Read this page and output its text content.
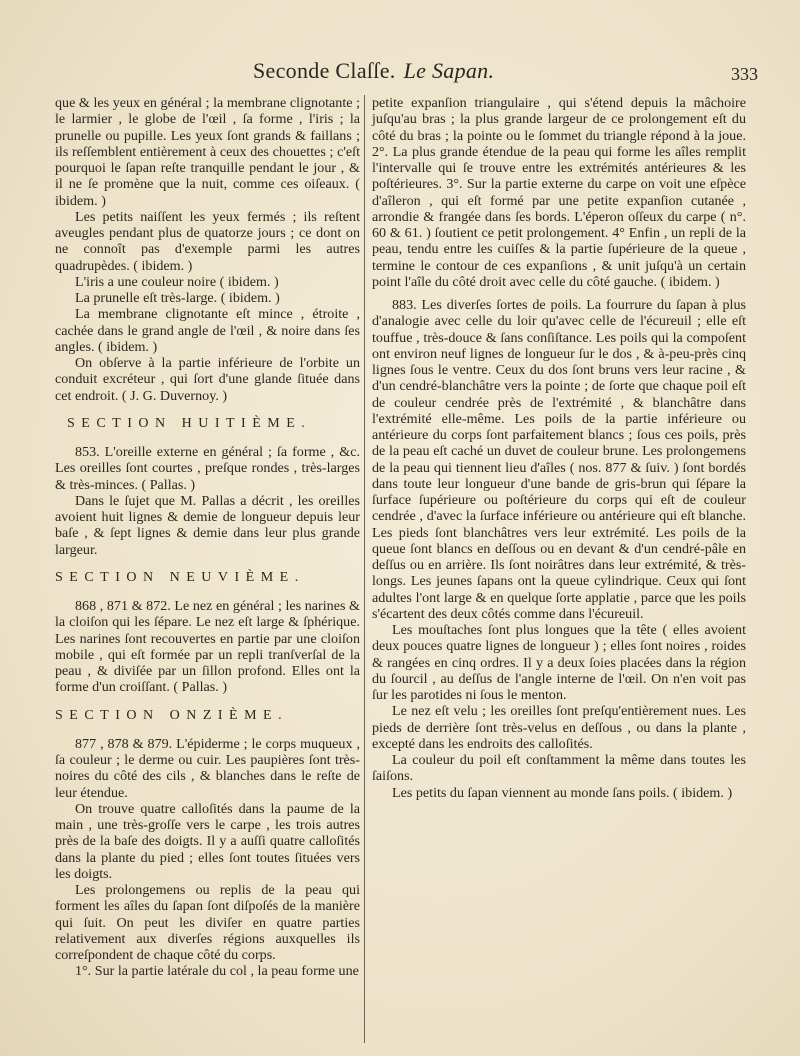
Seconde Claſſe. Le Sapan.	333

que & les yeux en général ; la membrane clignotante ; le larmier , le globe de l'œil , ſa forme , l'iris ; la prunelle ou pupille. Les yeux ſont grands & faillans ; ils reſſemblent entièrement à ceux des chouettes ; c'eſt pourquoi le ſapan reſte tranquille pendant le jour , & il ne ſe promène que la nuit, comme ces oiſeaux. ( ibidem. )

Les petits naiſſent les yeux fermés ; ils reſtent aveugles pendant plus de quatorze jours ; ce dont on ne connoît pas d'exemple parmi les autres quadrupèdes. ( ibidem. )

L'iris a une couleur noire ( ibidem. )

La prunelle eſt très-large. ( ibidem. )

La membrane clignotante eſt mince , étroite , cachée dans le grand angle de l'œil , & noire dans ſes angles. ( ibidem. )

On obſerve à la partie inférieure de l'orbite un conduit excréteur , qui ſort d'une glande ſituée dans cet endroit. ( J. G. Duvernoy. )

SECTION HUITIÈME.

853. L'oreille externe en général ; ſa forme , &c. Les oreilles ſont courtes , preſque rondes , très-larges & très-minces. ( Pallas. )

Dans le ſujet que M. Pallas a décrit , les oreilles avoient huit lignes & demie de longueur depuis leur baſe , & ſept lignes & demie dans leur plus grande largeur.

SECTION NEUVIÈME.

868 , 871 & 872. Le nez en général ; les narines & la cloiſon qui les ſépare. Le nez eſt large & ſphérique. Les narines ſont recouvertes en partie par une cloiſon mobile , qui eſt formée par un repli tranſverſal de la peau , & diviſée par un ſillon profond. Elles ont la forme d'un croiſſant. ( Pallas. )

SECTION ONZIÈME.

877 , 878 & 879. L'épiderme ; le corps muqueux , ſa couleur ; le derme ou cuir. Les paupières ſont très-noires du côté des cils , & blanches dans le reſte de leur étendue.

On trouve quatre calloſités dans la paume de la main , une très-groſſe vers le carpe , les trois autres près de la baſe des doigts. Il y a auſſi quatre calloſités dans la plante du pied ; elles ſont toutes ſituées vers les doigts.

Les prolongemens ou replis de la peau qui forment les aîles du ſapan ſont diſpoſés de la manière qui ſuit. On peut les diviſer en quatre parties relativement aux diverſes régions auxquelles ils correſpondent de chaque côté du corps.

1°. Sur la partie latérale du col , la peau forme une

petite expanſion triangulaire , qui s'étend depuis la mâchoire juſqu'au bras ; la plus grande largeur de ce prolongement eſt du côté du bras ; la pointe ou le ſommet du triangle répond à la joue. 2°. La plus grande étendue de la peau qui forme les aîles remplit l'intervalle qui ſe trouve entre les extrémités antérieures & les poſtérieures. 3°. Sur la partie externe du carpe on voit une eſpèce d'aîleron , qui eſt formé par une petite expanſion cutanée , arrondie & frangée dans ſes bords. L'éperon oſſeux du carpe ( n°. 60 & 61. ) ſoutient ce petit prolongement. 4° Enfin , un repli de la peau, tendu entre les cuiſſes & la partie ſupérieure de la queue , termine le contour de ces expanſions , & unit juſqu'à un certain point l'aîle du côté droit avec celle du côté gauche. ( ibidem. )

883. Les diverſes ſortes de poils. La fourrure du ſapan à plus d'analogie avec celle du loir qu'avec celle de l'écureuil ; elle eſt touffue , très-douce & ſans conſiſtance. Les poils qui la compoſent ont environ neuf lignes de longueur ſur le dos , & à-peu-près cinq lignes ſous le ventre. Ceux du dos ſont bruns vers leur racine , & d'un cendré-blanchâtre vers la pointe ; de ſorte que chaque poil eſt de couleur cendrée près de l'extrémité , & blanchâtre dans l'extrémité elle-même. Les poils de la partie inférieure ou antérieure du corps ſont parfaitement blancs ; ſous ces poils, près de la peau eſt caché un duvet de couleur brune. Les prolongemens de la peau qui tiennent lieu d'aîles ( nos. 877 & ſuiv. ) ſont bordés dans toute leur longueur d'une bande de gris-brun qui ſépare la ſurface ſupérieure ou poſtérieure du corps qui eſt de couleur cendrée , d'avec la ſurface inférieure ou antérieure qui eſt blanche. Les pieds ſont blanchâtres vers leur extrémité. Les poils de la queue ſont blancs en deſſous ou en devant & d'un cendré-pâle en deſſus ou en arrière. Ils ſont noirâtres dans leur extrémité, & très-longs. Les jeunes ſapans ont la queue cylindrique. Ceux qui ſont adultes l'ont large & en quelque ſorte applatie , parce que les poils s'écartent des deux côtés comme dans l'écureuil.

Les mouſtaches ſont plus longues que la tête ( elles avoient deux pouces quatre lignes de longueur ) ; elles ſont noires , roides & rangées en cinq ordres. Il y a deux ſoies placées dans la région du ſourcil , au deſſus de l'angle interne de l'œil. On n'en voit pas ſur les parotides ni ſous le menton.

Le nez eſt velu ; les oreilles ſont preſqu'entièrement nues. Les pieds de derrière ſont très-velus en deſſous , ou dans la plante , excepté dans les endroits des calloſités.

La couleur du poil eſt conſtamment la même dans toutes les ſaiſons.

Les petits du ſapan viennent au monde ſans poils. ( ibidem. )
